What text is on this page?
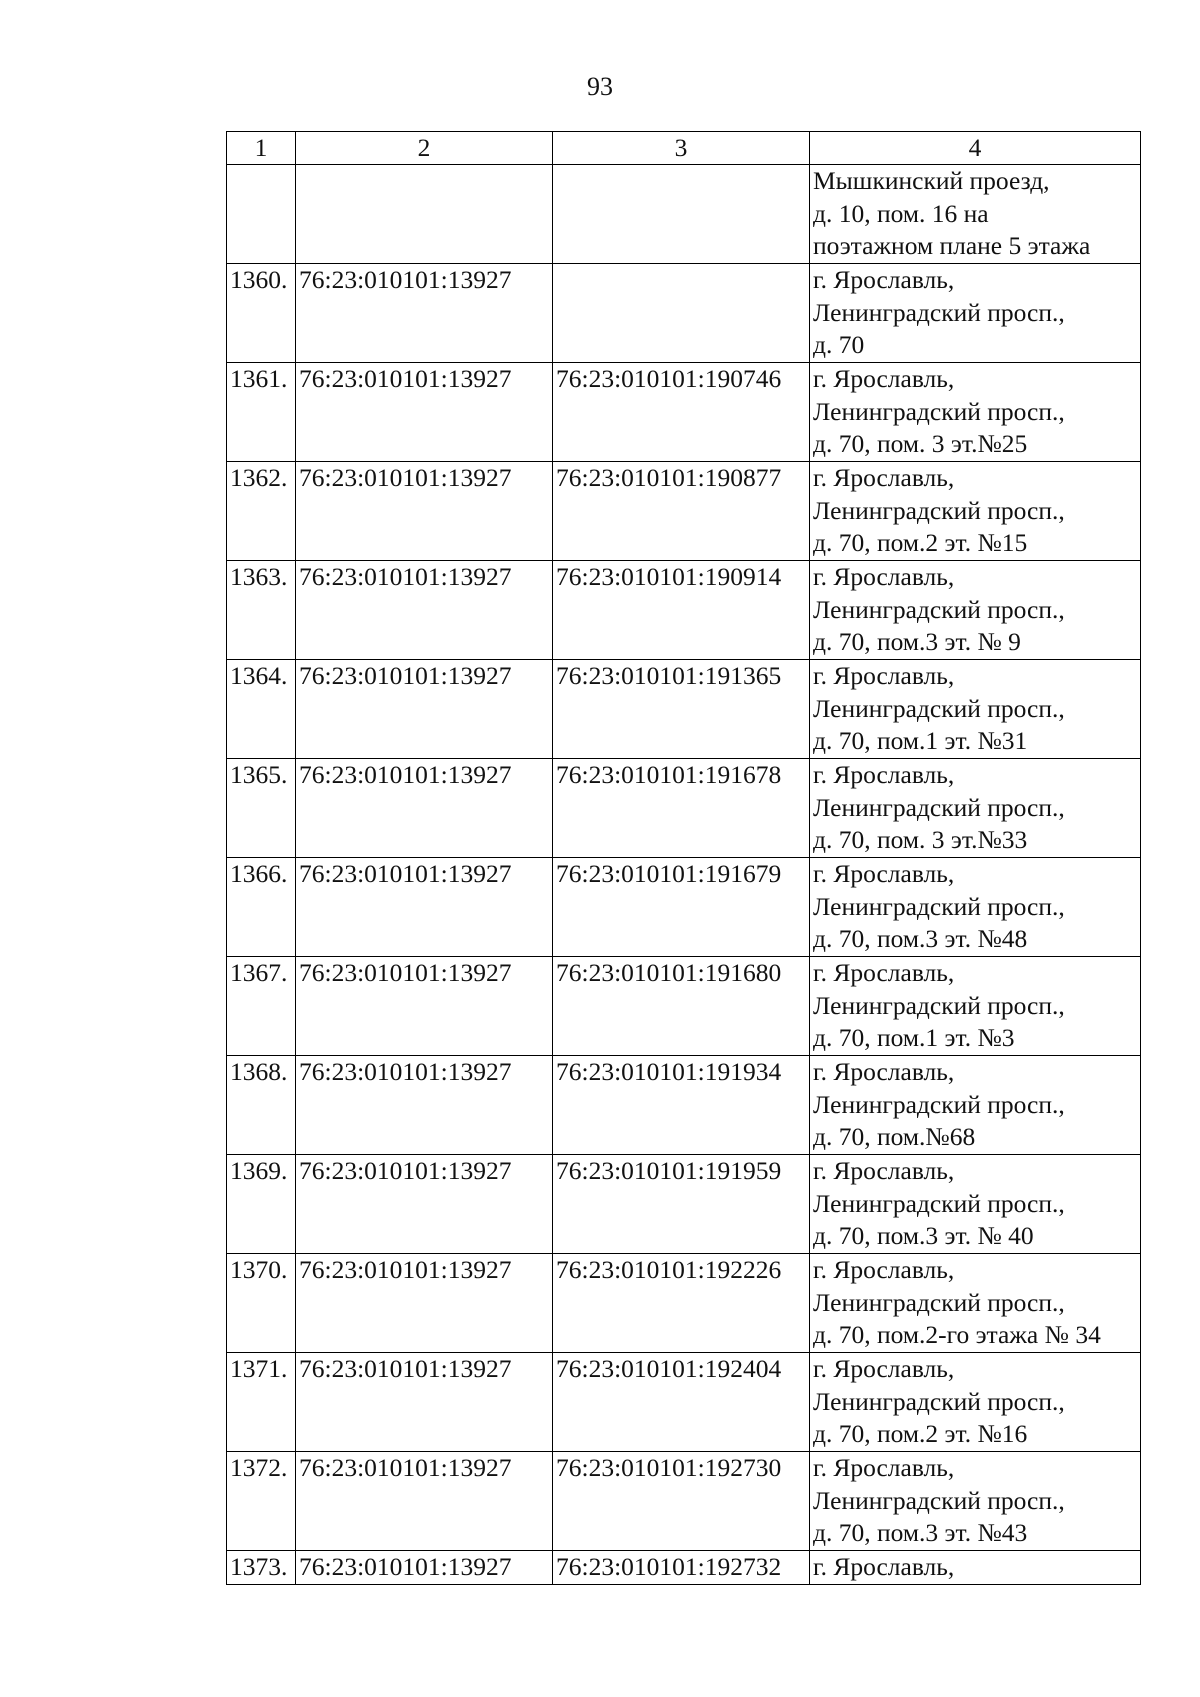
93
1	2	3	4

			Мышкинский проезд,
д. 10, пом. 16 на
поэтажном плане 5 этажа

1360.	76:23:010101:13927		г. Ярославль,
Ленинградский просп.,
д. 70

1361.	76:23:010101:13927	76:23:010101:190746	г. Ярославль,
Ленинградский просп.,
д. 70, пом. 3 эт.№25

1362.	76:23:010101:13927	76:23:010101:190877	г. Ярославль,
Ленинградский просп.,
д. 70, пом.2 эт. №15

1363.	76:23:010101:13927	76:23:010101:190914	г. Ярославль,
Ленинградский просп.,
д. 70, пом.3 эт. № 9

1364.	76:23:010101:13927	76:23:010101:191365	г. Ярославль,
Ленинградский просп.,
д. 70, пом.1 эт. №31

1365.	76:23:010101:13927	76:23:010101:191678	г. Ярославль,
Ленинградский просп.,
д. 70, пом. 3 эт.№33

1366.	76:23:010101:13927	76:23:010101:191679	г. Ярославль,
Ленинградский просп.,
д. 70, пом.3 эт. №48

1367.	76:23:010101:13927	76:23:010101:191680	г. Ярославль,
Ленинградский просп.,
д. 70, пом.1 эт. №3

1368.	76:23:010101:13927	76:23:010101:191934	г. Ярославль,
Ленинградский просп.,
д. 70, пом.№68

1369.	76:23:010101:13927	76:23:010101:191959	г. Ярославль,
Ленинградский просп.,
д. 70, пом.3 эт. № 40

1370.	76:23:010101:13927	76:23:010101:192226	г. Ярославль,
Ленинградский просп.,
д. 70, пом.2-го этажа № 34

1371.	76:23:010101:13927	76:23:010101:192404	г. Ярославль,
Ленинградский просп.,
д. 70, пом.2 эт. №16

1372.	76:23:010101:13927	76:23:010101:192730	г. Ярославль,
Ленинградский просп.,
д. 70, пом.3 эт. №43

1373.	76:23:010101:13927	76:23:010101:192732	г. Ярославль,
